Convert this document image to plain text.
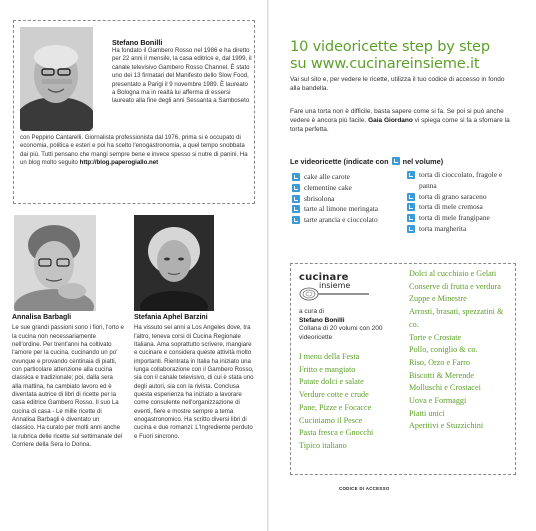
Stefano Bonilli
Ha fondato il Gambero Rosso nel 1986 e ha diretto per 22 anni il mensile, la casa editrice e, dal 1999, il canale televisivo Gambero Rosso Channel. È stato uno dei 13 firmatari del Manifesto dello Slow Food, presentato a Parigi il 9 novembre 1989. È laureato a Bologna ma in realtà lui afferma di essersi laureato alla fine degli anni Sessanta a Samboseto
con Peppino Cantarelli. Giornalista professionista dal 1976, prima si è occupato di economia, politica e esteri e poi ha scelto l'enogastronomia, a quel tempo snobbata dai più. Tutti pensano che mangi sempre bene e invece spesso si nutre di panini. Ha un blog molto seguito http://blog.paperogiallo.net
Annalisa Barbagli
Le sue grandi passioni sono i fiori, l'orto e la cucina non necessariamente nell'ordine. Per trent'anni ha coltivato l'amore per la cucina, cucinando un po' ovunque e provando centinaia di piatti, con particolare attenzione alla cucina classica e tradizionale; poi, dalla sera alla mattina, ha cambiato lavoro ed è diventata autrice di libri di ricette per la casa editrice Gambero Rosso. Il suo La cucina di casa - Le mille ricette di Annalisa Barbagli è diventato un classico. Ha curato per molti anni anche la rubrica delle ricette sul settimanale del Corriere della Sera Io Donna.
Stefania Aphel Barzini
Ha vissuto sei anni a Los Angeles dove, tra l'altro, teneva corsi di Cucina Regionale Italiana. Ama soprattutto scrivere, mangiare e cucinare e considera queste attività molto importanti. Rientrata in Italia ha iniziato una lunga collaborazione con il Gambero Rosso, sia con il canale televisivo, di cui è stata uno degli autori, sia con la rivista. Conclusa questa esperienza ha iniziato a lavorare come consulente nell'organizzazione di eventi, fiere e mostre sempre a tema enogastronomico. Ha scritto diversi libri di cucina e due romanzi: L'Ingrediente perduto e Fuori sincrono.
10 videoricette step by step
su www.cucinareinsieme.it
Vai sul sito e, per vedere le ricette, utilizza il tuo codice di accesso in fondo alla bandella.
Fare una torta non è difficile, basta sapere come si fa. Se poi si può anche vedere è ancora più facile. Gaia Giordano vi spiega come si fa a sfornare la torta perfetta.
Le videoricette (indicate con nel volume)
cake alle carote
clementine cake
sbrisolona
tarte al limone meringata
tarte arancia e cioccolato
torta di cioccolato, fragole e panna
torta di grano saraceno
torta di mele cremosa
torta di mele frangipane
torta margherita
cucinare
insieme
a cura di
Stefano Bonilli
Collana di 20 volumi con 200 videoricette
I menu della Festa
Fritto e mangiato
Patate dolci e salate
Verdure cotte e crude
Pane, Pizze e Focacce
Cuciniamo il Pesce
Pasta fresca e Gnocchi
Tipico italiano
Dolci al cucchiaio e Gelati
Conserve di frutta e verdura
Zuppe e Minestre
Arrosti, brasati, spezzatini & co.
Torte e Crostate
Pollo, coniglio & co.
Riso, Orzo e Farro
Biscotti & Merende
Molluschi e Crostacei
Uova e Formaggi
Piatti unici
Aperitivi e Stuzzichini
CODICE DI ACCESSO
